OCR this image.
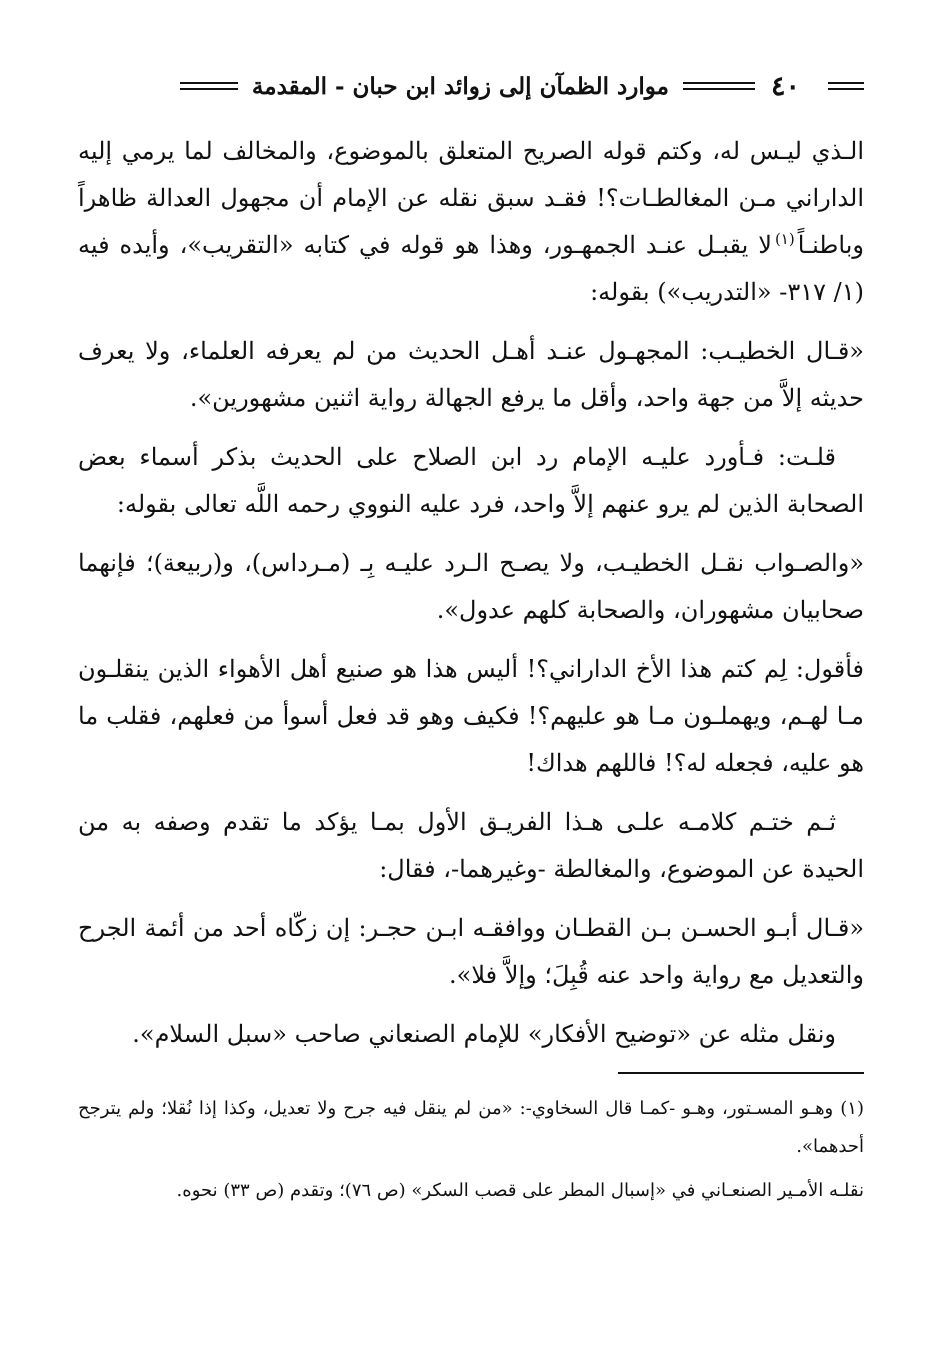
٤٠
موارد الظمآن إلى زوائد ابن حبان - المقدمة

الـذي ليـس له، وكتم قوله الصريح المتعلق بالموضوع، والمخالف لما يرمي إليه الداراني مـن المغالطـات؟! فقـد سبق نقله عن الإمام أن مجهول العدالة ظاهراً وباطنـاً$^{(١)}$لا يقبـل عنـد الجمهـور، وهذا هو قوله في كتابه «التقريب»، وأيده فيه (١/ ٣١٧- «التدريب») بقوله:

«قـال الخطيـب: المجهـول عنـد أهـل الحديث من لم يعرفه العلماء، ولا يعرف حديثه إلاَّ من جهة واحد، وأقل ما يرفع الجهالة رواية اثنين مشهورين».

قلـت: فـأورد عليـه الإمام رد ابن الصلاح على الحديث بذكر أسماء بعض الصحابة الذين لم يرو عنهم إلاَّ واحد، فرد عليه النووي رحمه اللَّه تعالى بقوله:

«والصـواب نقـل الخطيـب، ولا يصـح الـرد عليـه بِـ (مـرداس)، و(ربيعة)؛ فإنهما صحابيان مشهوران، والصحابة كلهم عدول».

فأقول: لِم كتم هذا الأخ الداراني؟! أليس هذا هو صنيع أهل الأهواء الذين ينقلـون مـا لهـم، ويهملـون مـا هو عليهم؟! فكيف وهو قد فعل أسوأ من فعلهم، فقلب ما هو عليه، فجعله له؟! فاللهم هداك!

ثـم ختـم كلامـه علـى هـذا الفريـق الأول بمـا يؤكد ما تقدم وصفه به من الحيدة عن الموضوع، والمغالطة -وغيرهما-، فقال:

«قـال أبـو الحسـن بـن القطـان ووافقـه ابـن حجـر: إن زكّاه أحد من أئمة الجرح والتعديل مع رواية واحد عنه قُبِلَ؛ وإلاَّ فلا».

ونقل مثله عن «توضيح الأفكار» للإمام الصنعاني صاحب «سبل السلام».

(١) وهـو المسـتور، وهـو -كمـا قال السخاوي-: «من لم ينقل فيه جرح ولا تعديل، وكذا إذا نُقلا؛ ولم يترجح أحدهما».

نقلـه الأمـير الصنعـاني في «إسبال المطر على قصب السكر» (ص ٧٦)؛ وتقدم (ص ٣٣) نحوه.
